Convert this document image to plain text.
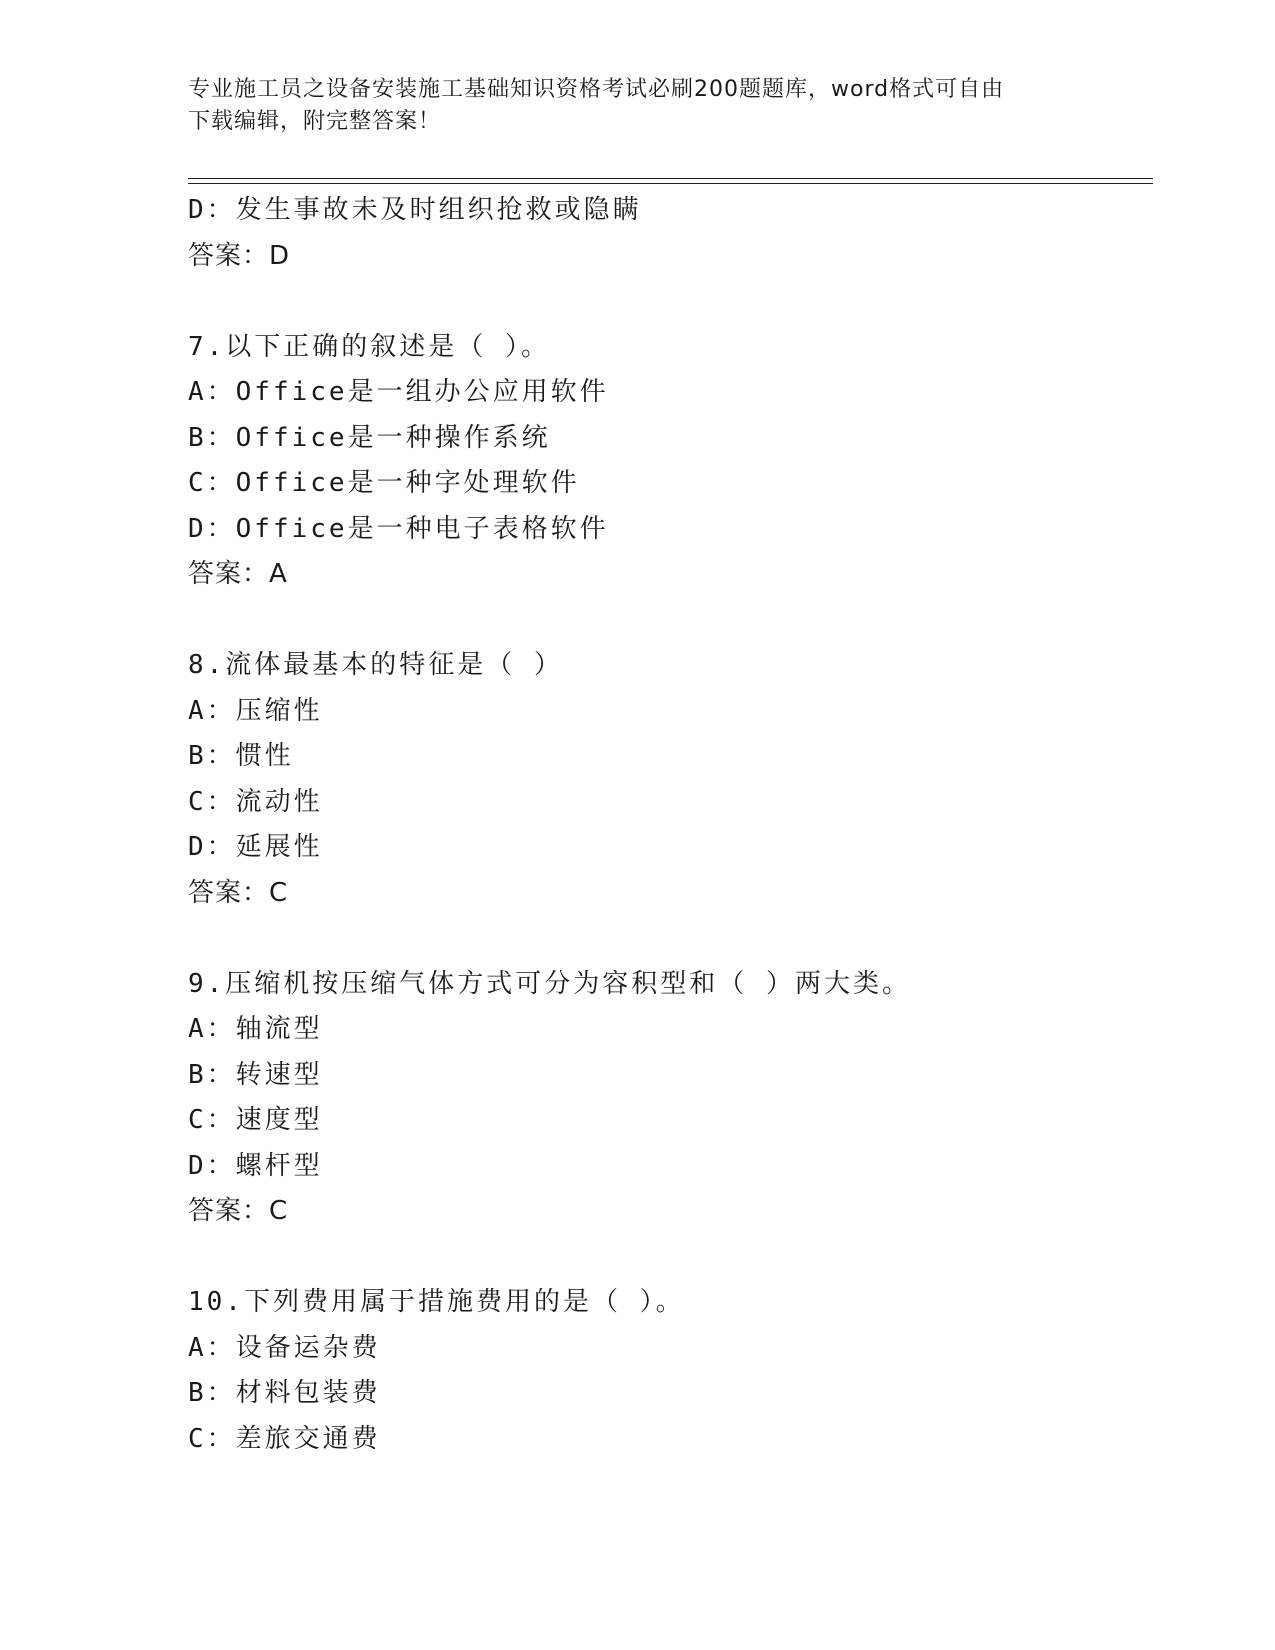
专业施工员之设备安装施工基础知识资格考试必刷200题题库，word格式可自由
下载编辑，附完整答案！
D：发生事故未及时组织抢救或隐瞒
答案：D
7.以下正确的叙述是（ ）。
A：Office是一组办公应用软件
B：Office是一种操作系统
C：Office是一种字处理软件
D：Office是一种电子表格软件
答案：A
8.流体最基本的特征是（ ）
A：压缩性
B：惯性
C：流动性
D：延展性
答案：C
9.压缩机按压缩气体方式可分为容积型和（ ）两大类。
A：轴流型
B：转速型
C：速度型
D：螺杆型
答案：C
10.下列费用属于措施费用的是（ ）。
A：设备运杂费
B：材料包装费
C：差旅交通费
